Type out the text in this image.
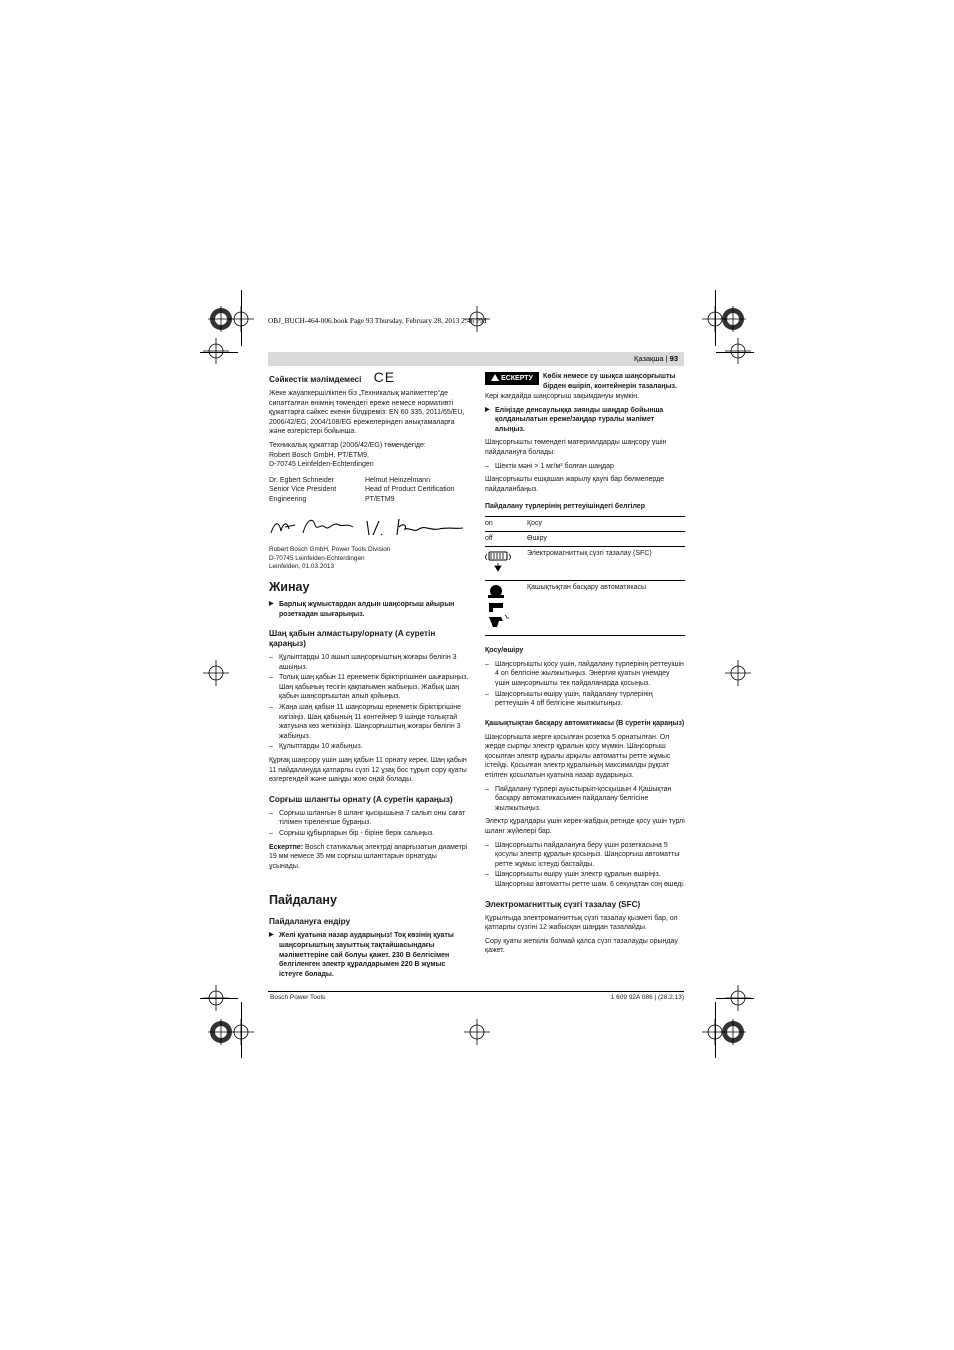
OBJ_BUCH-464-006.book Page 93 Thursday, February 28, 2013 2:46 PM
Қазақша | 93
Сәйкестік мәлімдемесі CE

Жеке жауапкершілікпен біз „Техникалық мәліметтер“де сипатталған өнімнің төмендегі ереже немесе нормативті құжаттарға сәйкес екенін білдіреміз: EN 60 335, 2011/65/EU, 2006/42/EG, 2004/108/EG ережелеріндегі анықтамаларға және өзгерістері бойынша.

Техникалық құжаттар (2006/42/EG) төмендегіде:

Robert Bosch GmbH, PT/ETM9,
D-70745 Leinfelden-Echterdingen
Dr. Egbert Schneider
Senior Vice President
Engineering
Helmut Heinzelmann
Head of Product Certification
PT/ETM9
Robert Bosch GmbH, Power Tools Division
D-70745 Leinfelden-Echterdingen
Leinfelden, 01.03.2013
Жинау

▶ Барлық жұмыстардан алдын шаңсорғыш айырын розеткадан шығарыңыз.

Шаң қабын алмастыру/орнату (A суретін қараңыз)
– Құлыптарды 10 ашып шаңсорғыштың жоғары бөлігін 3 ашыңыз.
– Толық шаң қабын 11 ернеметік біріктіргішінен шығарыңыз. Шаң қабының тесігін қақпағымен жабыңыз. Жабық шаң қабын шаңсорғыштан алып қойыңыз.
– Жаңа шаң қабын 11 шаңсорғыш ернеметік біріктіргішіне кигізіңіз. Шаң қабының 11 контейнер 9 ішінде толықтай жатуына көз жеткізіңіз. Шаңсорғыштың жоғары бөлігін 3 жабыңыз.
– Құлыптарды 10 жабыңыз.

Құрғақ шаңсору үшін шаң қабын 11 орнату керек. Шаң қабын 11 пайдалануда қатпарлы сүзгі 12 ұзақ бос тұрып сору қуаты өзгергендей және шаңды жою оңай болады.

Сорғыш шлангты орнату (A суретін қараңыз)
– Сорғыш шлангын 8 шланг қысқышына 7 салып оны сағат тілімен тіреленгше бұраңыз.
– Сорғыш құбырларын бір - біріне берік салыңыз.

Ескертпе: Bosch статикалық электрді апарғызатын диаметрі 19 мм немесе 35 мм сорғыш шлангтарын орнатуды ұсынады.

Пайдалану
Пайдалануға ендіру

▶ Желі қуатына назар аударыңыз! Тоқ көзінің қуаты шаңсорғыштың зауыттық тақтайшасындағы мәліметтеріне сай болуы қажет. 230 В белгісімен белгіленген электр құралдарымен 220 В жұмыс істеуге болады.

ЕСКЕРТУ	Көбік немесе су шықса шаңсорғышты бірден өшіріп, контейнерін тазалаңыз.

Кері жағдайда шаңсорғыш зақымдануы мүмкін.

▶ Еліңізде денсаулыққа зиянды шаңдар бойынша қолданылатын ереже/заңдар туралы мәлімет алыңыз.

Шаңсорғышты төмендегі материалдарды шаңсору үшін пайдалануға болады:

– Шектік мәні > 1 мг/м³ болған шаңдар

Шаңсорғышты ешқашан жарылу қаупі бар бөлмелерде пайдаланбаңыз.

Пайдалану түрлерінің реттеуішіндегі белгілер
on	Қосу
off	Өшіру
	Электромагниттық сүзгі тазалау (SFC)
	Қашықтықтан басқару автоматикасы
Қосу/өшіру
– Шаңсорғышты қосу үшін, пайдалану түрлерінің реттеуішін 4 on белгісіне жылжытыңыз. Энергия қуатын үнемдеу үшін шаңсорғышты тек пайдаланарда қосыңыз.
– Шаңсорғышты өшіру үшін, пайдалану түрлерінің реттеуішін 4 off белгісіне жылжытыңыз.
Қашықтықтан басқару автоматикасы (B суретін қараңыз)

Шаңсорғышта жерге қосылған розетка 5 орнатылған. Ол жерде сыртқы электр құралын қосу мүмкін. Шаңсорғыш қосылған электр құралы арқылы автоматты ретте жұмыс істейді. Қосылған электр құралының максималды рұқсат етілген қосылатын қуатына назар аударыңыз.

– Пайдалану түрлері ауыстырып-қосқышын 4 Қашықтан басқару автоматикасымен пайдалану белгісіне жылжытыңыз.

Электр құралдары үшін керек-жабдық ретінде қосу үшін түрлі шланг жүйелері бар.

– Шаңсорғышты пайдалануға беру үшін розеткасына 5 қосулы электр құралын қосыңыз. Шаңсорғыш автоматты ретте жұмыс істеуді бастайды.
– Шаңсорғышты өшіру үшін электр құралын өшіріңіз. Шаңсорғыш автоматты ретте шам. 6 секундтан соң өшеді.
Электромагниттық сүзгі тазалау (SFC)

Құрылғыда электромагниттық сүзгі тазалау қызметі бар, ол қатпарлы сүзгіні 12 жабысқан шаңдан тазалайды.

Сору қуаты жеткілік болмай қалса сүзгі тазалауды орындау қажет.

Bosch Power Tools	1 609 92A 086 | (28.2.13)
